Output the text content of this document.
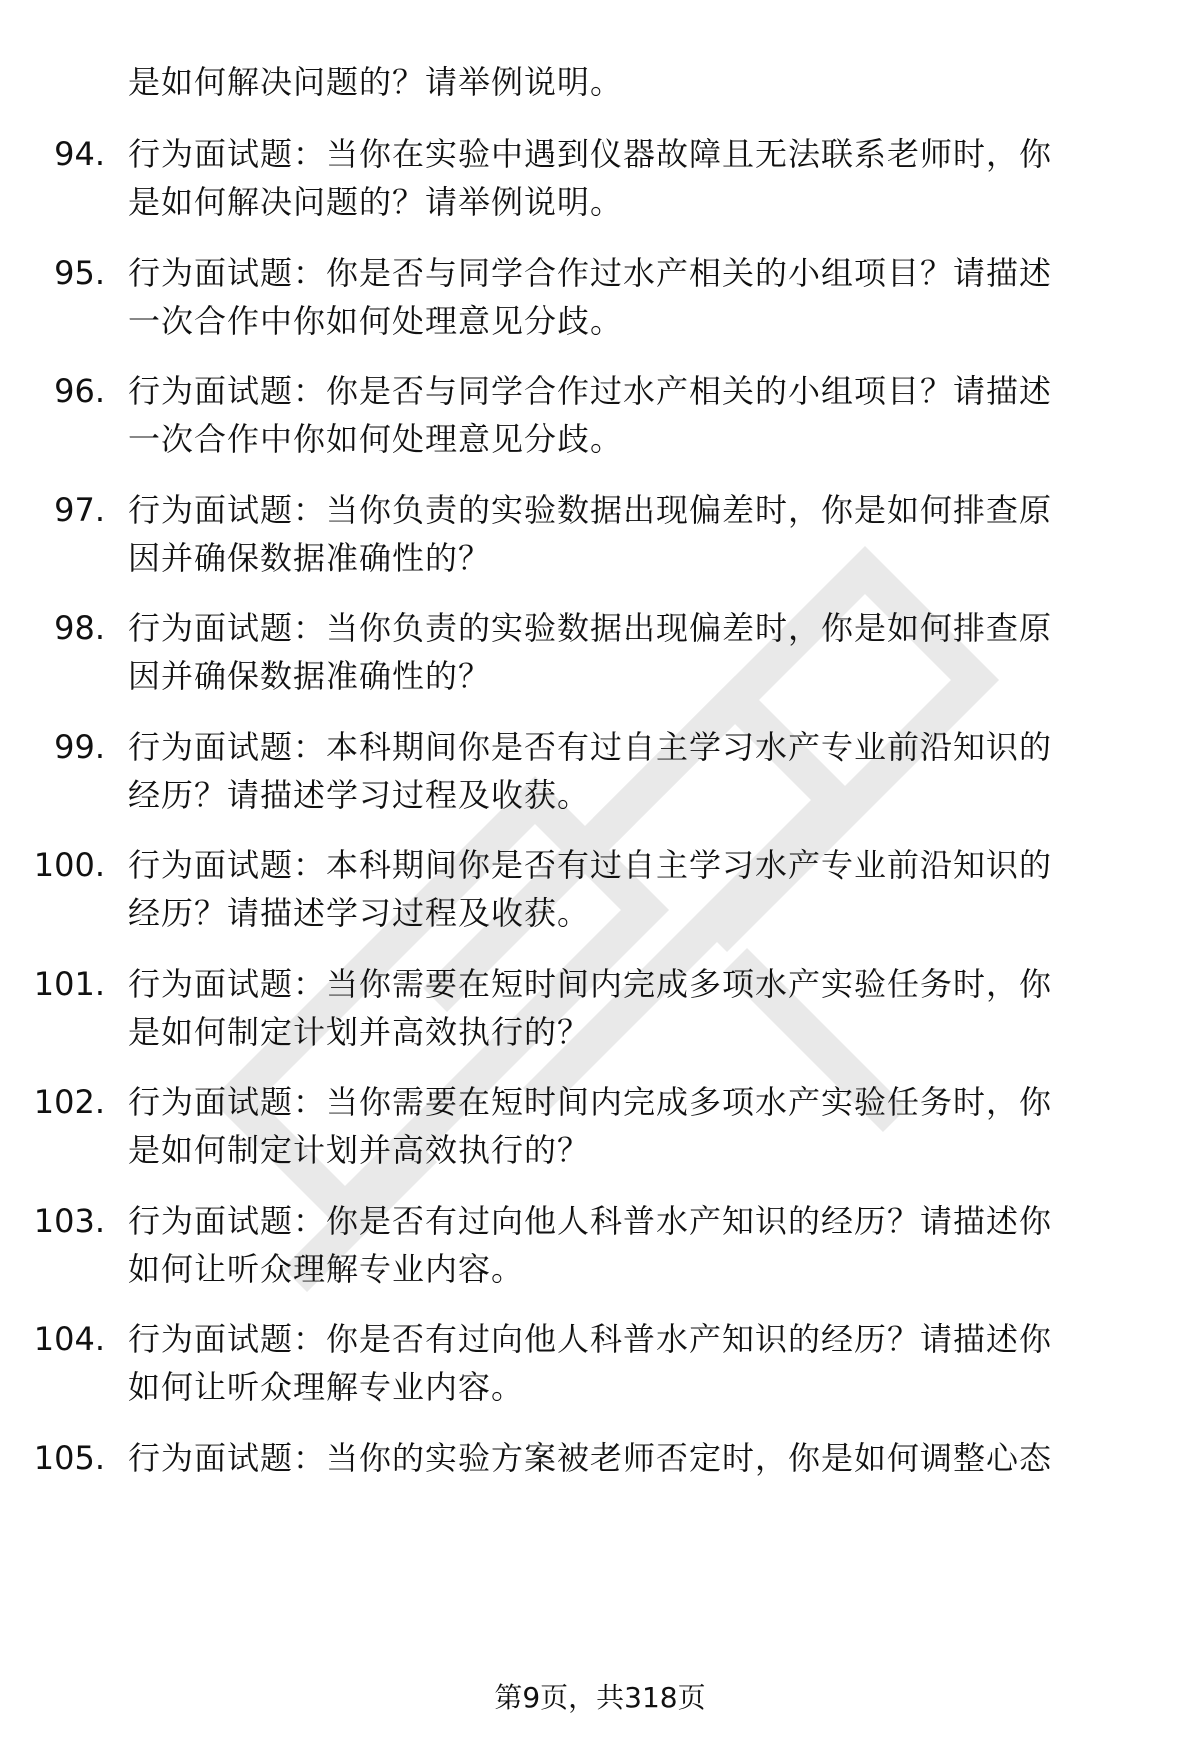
是如何解决问题的？请举例说明。
94. 行为面试题：当你在实验中遇到仪器故障且无法联系老师时，你
是如何解决问题的？请举例说明。
95. 行为面试题：你是否与同学合作过水产相关的小组项目？请描述
一次合作中你如何处理意见分歧。
96. 行为面试题：你是否与同学合作过水产相关的小组项目？请描述
一次合作中你如何处理意见分歧。
97. 行为面试题：当你负责的实验数据出现偏差时，你是如何排查原
因并确保数据准确性的？
98. 行为面试题：当你负责的实验数据出现偏差时，你是如何排查原
因并确保数据准确性的？
99. 行为面试题：本科期间你是否有过自主学习水产专业前沿知识的
经历？请描述学习过程及收获。
100. 行为面试题：本科期间你是否有过自主学习水产专业前沿知识的
经历？请描述学习过程及收获。
101. 行为面试题：当你需要在短时间内完成多项水产实验任务时，你
是如何制定计划并高效执行的？
102. 行为面试题：当你需要在短时间内完成多项水产实验任务时，你
是如何制定计划并高效执行的？
103. 行为面试题：你是否有过向他人科普水产知识的经历？请描述你
如何让听众理解专业内容。
104. 行为面试题：你是否有过向他人科普水产知识的经历？请描述你
如何让听众理解专业内容。
105. 行为面试题：当你的实验方案被老师否定时，你是如何调整心态
第9页，共318页
